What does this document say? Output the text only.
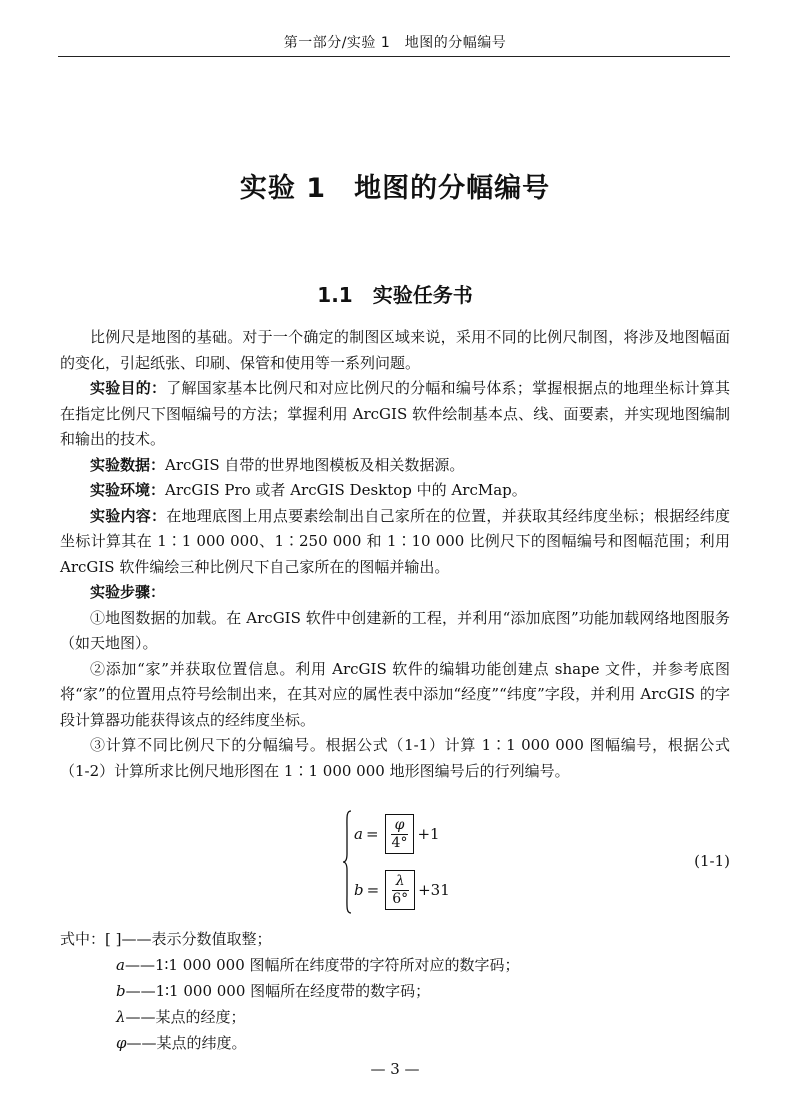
第一部分/实验 1　地图的分幅编号
实验 1　地图的分幅编号
1.1　实验任务书

比例尺是地图的基础。对于一个确定的制图区域来说，采用不同的比例尺制图，将涉及地图幅面的变化，引起纸张、印刷、保管和使用等一系列问题。

实验目的：了解国家基本比例尺和对应比例尺的分幅和编号体系；掌握根据点的地理坐标计算其在指定比例尺下图幅编号的方法；掌握利用 ArcGIS 软件绘制基本点、线、面要素，并实现地图编制和输出的技术。

实验数据：ArcGIS 自带的世界地图模板及相关数据源。

实验环境：ArcGIS Pro 或者 ArcGIS Desktop 中的 ArcMap。

实验内容：在地理底图上用点要素绘制出自己家所在的位置，并获取其经纬度坐标；根据经纬度坐标计算其在 1∶1 000 000、1∶250 000 和 1∶10 000 比例尺下的图幅编号和图幅范围；利用 ArcGIS 软件编绘三种比例尺下自己家所在的图幅并输出。

实验步骤：

①地图数据的加载。在 ArcGIS 软件中创建新的工程，并利用“添加底图”功能加载网络地图服务（如天地图）。

②添加“家”并获取位置信息。利用 ArcGIS 软件的编辑功能创建点 shape 文件，并参考底图将“家”的位置用点符号绘制出来，在其对应的属性表中添加“经度”“纬度”字段，并利用 ArcGIS 的字段计算器功能获得该点的经纬度坐标。

③计算不同比例尺下的分幅编号。根据公式（1-1）计算 1∶1 000 000 图幅编号，根据公式（1-2）计算所求比例尺地形图在 1∶1 000 000 地形图编号后的行列编号。

$a = \frac{\varphi}{4^\circ} +1$
$b = \frac{\lambda}{6^\circ} +31$
(1-1)
式中：[ ]——表示分数值取整；
a——1∶1 000 000 图幅所在纬度带的字符所对应的数字码；
b——1∶1 000 000 图幅所在经度带的数字码；
λ——某点的经度；
φ——某点的纬度。
— 3 —
